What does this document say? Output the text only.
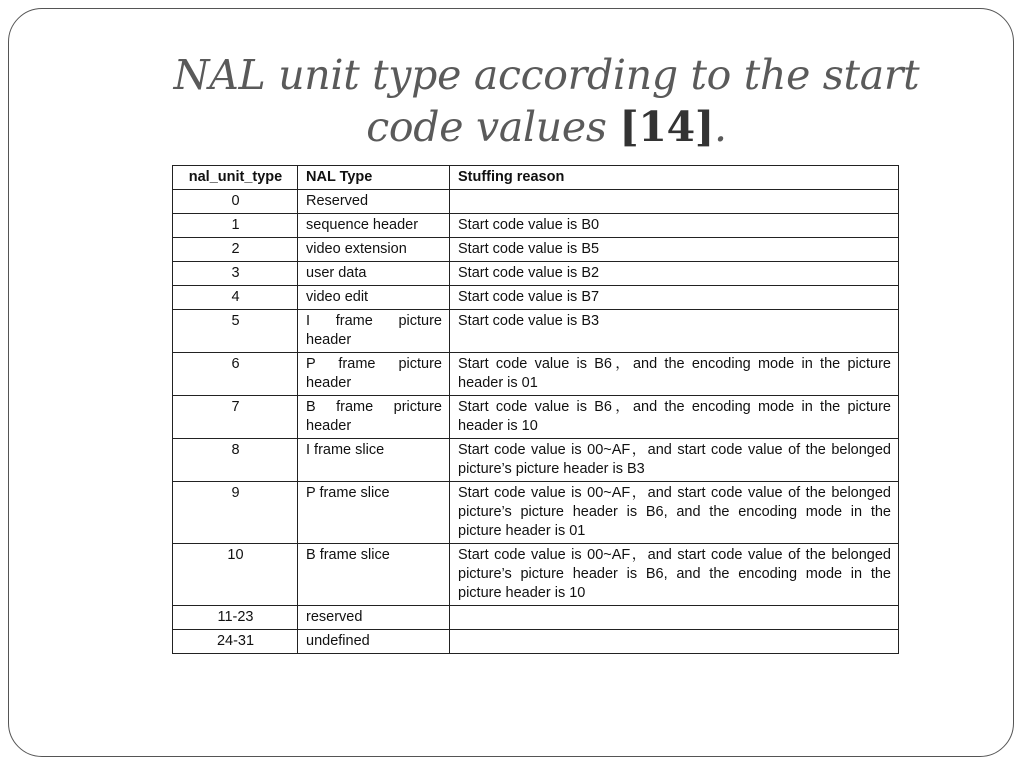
NAL unit type according to the start code values [14].
nal_unit_type	NAL Type	Stuffing reason
0	Reserved	
1	sequence header	Start code value is B0
2	video extension	Start code value is B5
3	user data	Start code value is B2
4	video edit	Start code value is B7
5	I frame picture header	Start code value is B3
6	P frame picture header	Start code value is B6，and the encoding mode in the picture header is 01
7	B frame pricture header	Start code value is B6，and the encoding mode in the picture header is 10
8	I frame slice	Start code value is 00~AF，and start code value of the belonged picture’s picture header is B3
9	P frame slice	Start code value is 00~AF，and start code value of the belonged picture’s picture header is B6, and the encoding mode in the picture header is 01
10	B frame slice	Start code value is 00~AF，and start code value of the belonged picture’s picture header is B6, and the encoding mode in the picture header is 10
11-23	reserved	
24-31	undefined	
